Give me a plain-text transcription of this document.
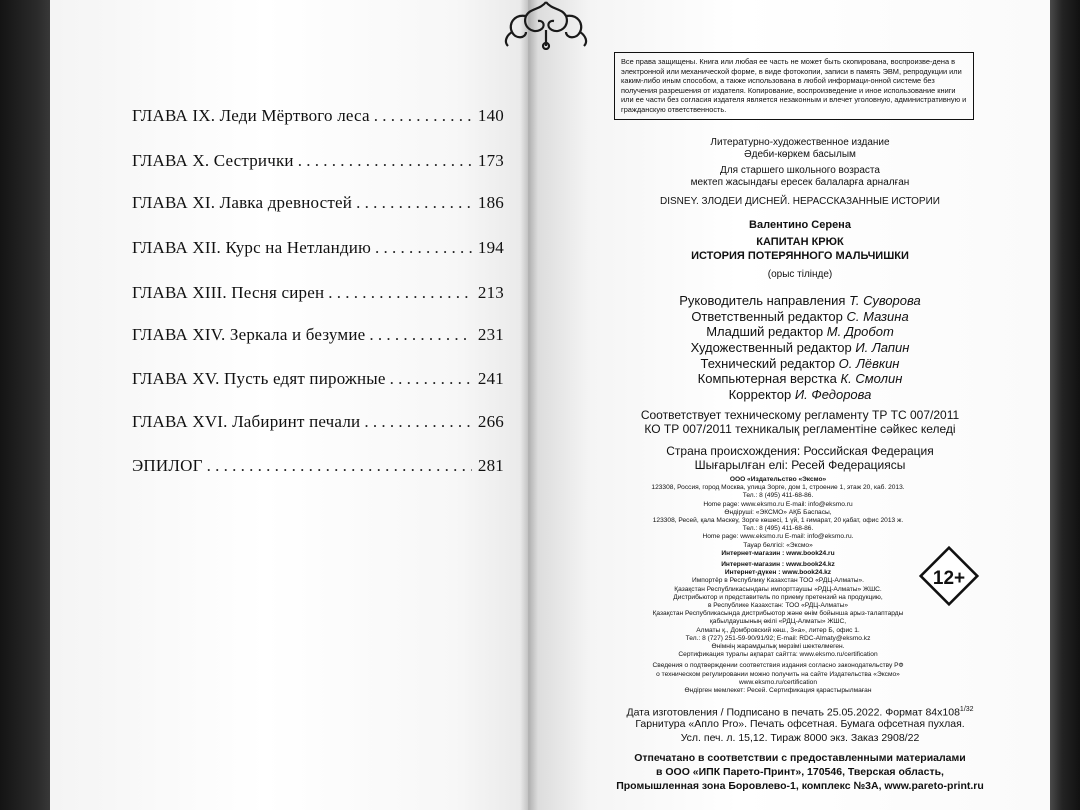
ГЛАВА IX. Леди Мёртвого леса . . .	140
ГЛАВА X. Сестрички . . .	173
ГЛАВА XI. Лавка древностей . . .	186
ГЛАВА XII. Курс на Нетландию . . .	194
ГЛАВА XIII. Песня сирен . . .	213
ГЛАВА XIV. Зеркала и безумие . . .	231
ГЛАВА XV. Пусть едят пирожные . . .	241
ГЛАВА XVI. Лабиринт печали . . .	266
ЭПИЛОГ . . .	281
Все права защищены. Книга или любая ее часть не может быть скопирована, воспроизве-дена в электронной или механической форме, в виде фотокопии, записи в память ЭВМ, репродукции или каким-либо иным способом, а также использована в любой информаци-онной системе без получения разрешения от издателя. Копирование, воспроизведение и иное использование книги или ее части без согласия издателя является незаконным и влечет уголовную, административную и гражданскую ответственность.
Литературно-художественное издание
Әдеби-көркем басылым
Для старшего школьного возраста
мектеп жасындағы ересек балаларға арналған
DISNEY. ЗЛОДЕИ ДИСНЕЙ. НЕРАССКАЗАННЫЕ ИСТОРИИ
Валентино Серена
КАПИТАН КРЮК
ИСТОРИЯ ПОТЕРЯННОГО МАЛЬЧИШКИ
(орыс тілінде)
Руководитель направления Т. Суворова
Ответственный редактор С. Мазина
Младший редактор М. Дробот
Художественный редактор И. Лапин
Технический редактор О. Лёвкин
Компьютерная верстка К. Смолин
Корректор И. Федорова
Соответствует техническому регламенту ТР ТС 007/2011
КО ТР 007/2011 техникалық регламентіне сәйкес келеді
Страна происхождения: Российская Федерация
Шығарылған елі: Ресей Федерациясы
ООО «Издательство «Эксмо»
123308, Россия, город Москва, улица Зорге, дом 1, строение 1, этаж 20, каб. 2013.
Тел.: 8 (495) 411-68-86.
Home page: www.eksmo.ru E-mail: info@eksmo.ru
Өндіруші: «ЭКСМО» АҚБ Баспасы,
123308, Ресей, қала Мәскеу, Зорге көшесі, 1 үй, 1 ғимарат, 20 қабат, офис 2013 ж.
Тел.: 8 (495) 411-68-86.
Home page: www.eksmo.ru E-mail: info@eksmo.ru.
Тауар белгісі: «Эксмо»
Интернет-магазин : www.book24.ru
Интернет-магазин : www.book24.kz
Интернет-дүкен : www.book24.kz
Импортёр в Республику Казахстан ТОО «РДЦ-Алматы».
Қазақстан Республикасындағы импорттаушы «РДЦ-Алматы» ЖШС.
Дистрибьютор и представитель по приему претензий на продукцию,
в Республике Казахстан: ТОО «РДЦ-Алматы»
Қазақстан Республикасында дистрибьютор және өнім бойынша арыз-талаптарды
қабылдаушының өкілі «РДЦ-Алматы» ЖШС,
Алматы қ., Домбровский көш., 3«а», литер Б, офис 1.
Тел.: 8 (727) 251-59-90/91/92; E-mail: RDC-Almaty@eksmo.kz
Өнімнің жарамдылық мерзімі шектелмеген.
Сертификация туралы ақпарат сайтта: www.eksmo.ru/certification
Сведения о подтверждении соответствия издания согласно законодательству РФ
о техническом регулировании можно получить на сайте Издательства «Эксмо»
www.eksmo.ru/certification
Өндірген мемлекет: Ресей. Сертификация қарастырылмаған
12+
Дата изготовления / Подписано в печать 25.05.2022. Формат $84x108^{1/32}$
Гарнитура «Апло Pro». Печать офсетная. Бумага офсетная пухлая.
Усл. печ. л. 15,12. Тираж 8000 экз. Заказ 2908/22
Отпечатано в соответствии с предоставленными материалами
в ООО «ИПК Парето-Принт», 170546, Тверская область,
Промышленная зона Боровлево-1, комплекс №3А, www.pareto-print.ru
